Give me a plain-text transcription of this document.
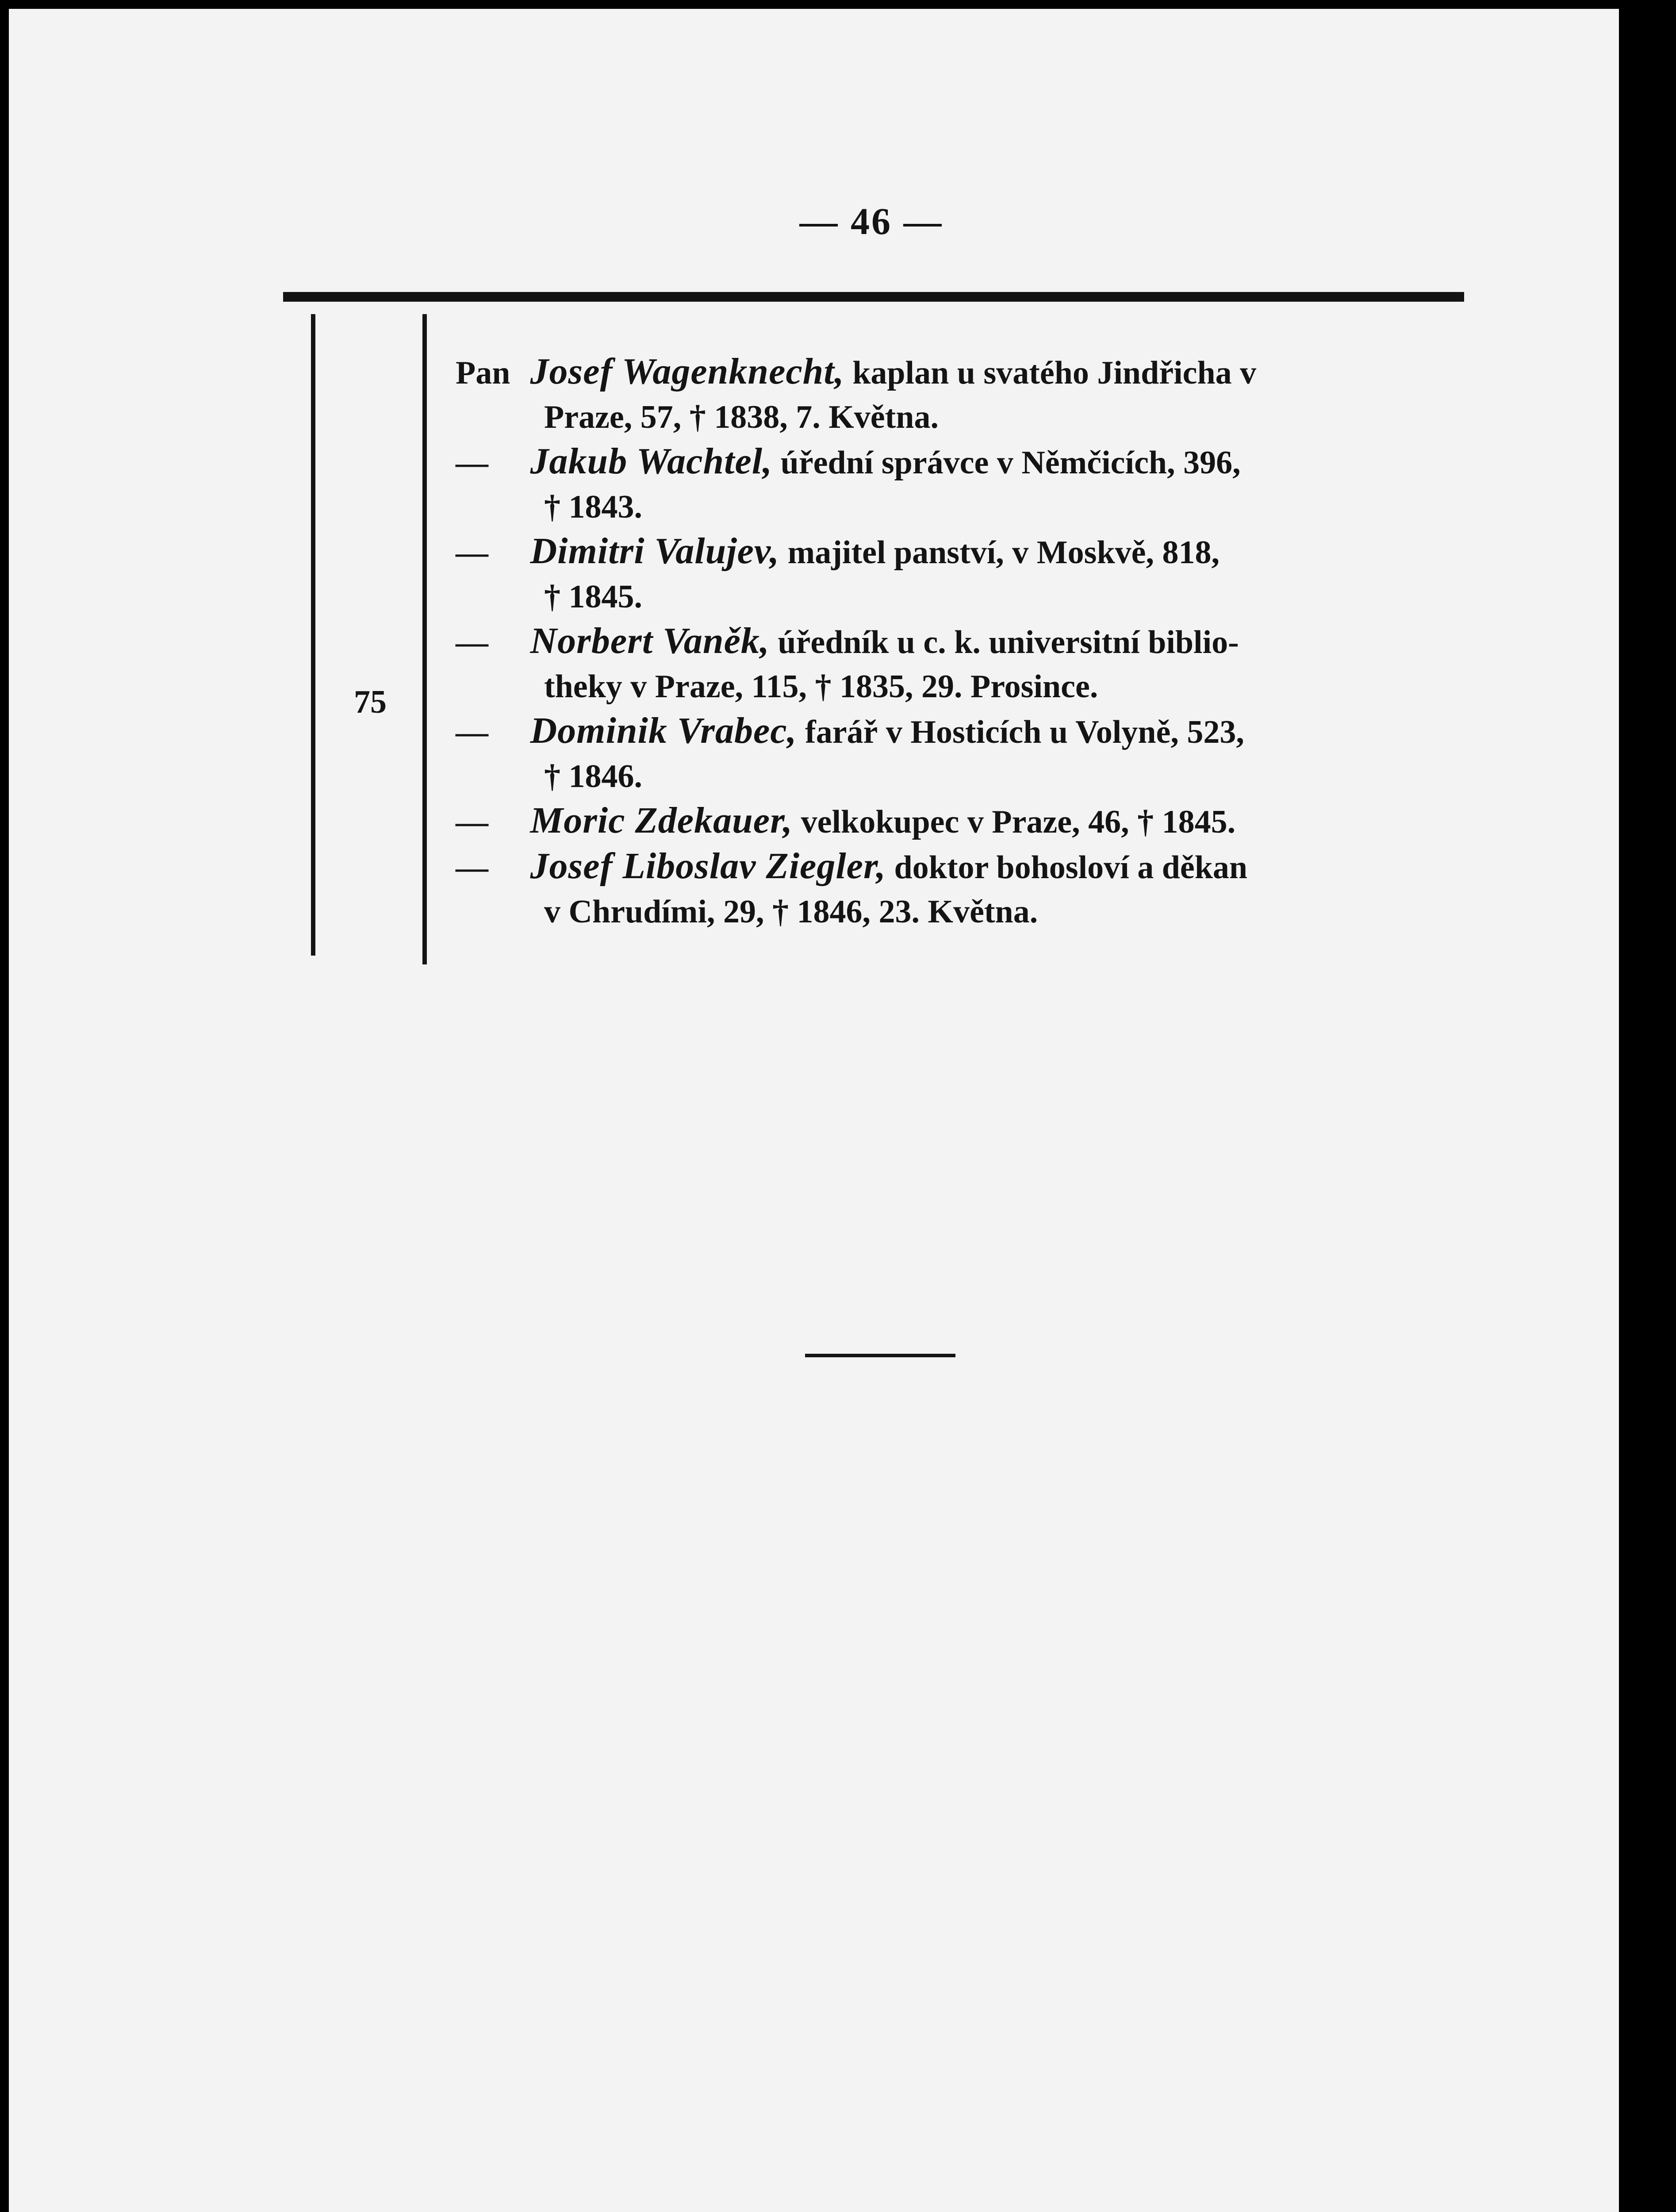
— 46 —
75
Pan Josef Wagenknecht, kaplan u svatého Jindřicha v
Praze, 57, † 1838, 7. Května.
— Jakub Wachtel, úřední správce v Němčicích, 396,
† 1843.
— Dimitri Valujev, majitel panství, v Moskvě, 818,
† 1845.
— Norbert Vaněk, úředník u c. k. universitní biblio-
theky v Praze, 115, † 1835, 29. Prosince.
— Dominik Vrabec, farář v Hosticích u Volyně, 523,
† 1846.
— Moric Zdekauer, velkokupec v Praze, 46, † 1845.
— Josef Liboslav Ziegler, doktor bohosloví a děkan
v Chrudími, 29, † 1846, 23. Května.
